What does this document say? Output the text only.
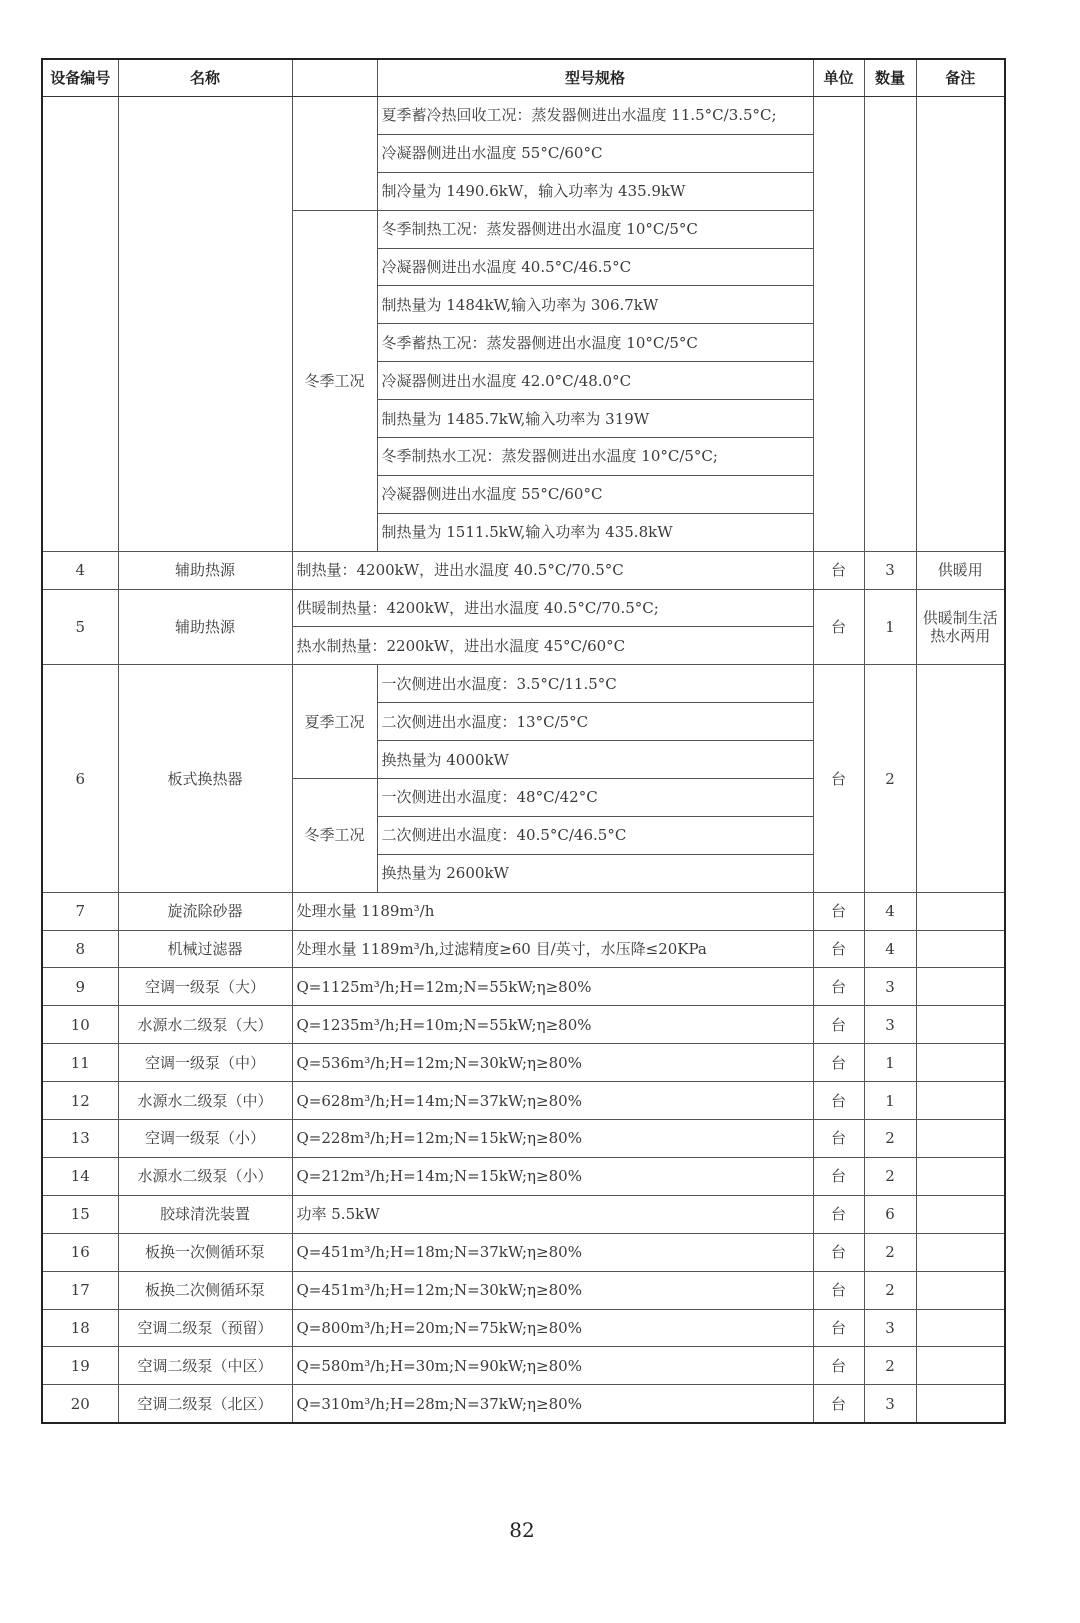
设备编号	名称		型号规格	单位	数量	备注
			夏季蓄冷热回收工况：蒸发器侧进出水温度 11.5°C/3.5°C;			
			冷凝器侧进出水温度 55°C/60°C			
			制冷量为 1490.6kW，输入功率为 435.9kW			
		冬季工况	冬季制热工况：蒸发器侧进出水温度 10°C/5°C			
			冷凝器侧进出水温度 40.5°C/46.5°C			
			制热量为 1484kW,输入功率为 306.7kW			
			冬季蓄热工况：蒸发器侧进出水温度 10°C/5°C			
			冷凝器侧进出水温度 42.0°C/48.0°C			
			制热量为 1485.7kW,输入功率为 319W			
			冬季制热水工况：蒸发器侧进出水温度 10°C/5°C;			
			冷凝器侧进出水温度 55°C/60°C			
			制热量为 1511.5kW,输入功率为 435.8kW			
4	辅助热源	制热量：4200kW，进出水温度 40.5°C/70.5°C		台	3	供暖用
5	辅助热源	供暖制热量：4200kW，进出水温度 40.5°C/70.5°C;		台	1	供暖制生活热水两用
		热水制热量：2200kW，进出水温度 45°C/60°C				
6	板式换热器	夏季工况	一次侧进出水温度：3.5°C/11.5°C	台	2	
			二次侧进出水温度：13°C/5°C			
			换热量为 4000kW			
		冬季工况	一次侧进出水温度：48°C/42°C			
			二次侧进出水温度：40.5°C/46.5°C			
			换热量为 2600kW			
7	旋流除砂器	处理水量 1189m³/h		台	4	
8	机械过滤器	处理水量 1189m³/h,过滤精度≥60 目/英寸，水压降≤20KPa		台	4	
9	空调一级泵（大）	Q=1125m³/h;H=12m;N=55kW;η≥80%		台	3	
10	水源水二级泵（大）	Q=1235m³/h;H=10m;N=55kW;η≥80%		台	3	
11	空调一级泵（中）	Q=536m³/h;H=12m;N=30kW;η≥80%		台	1	
12	水源水二级泵（中）	Q=628m³/h;H=14m;N=37kW;η≥80%		台	1	
13	空调一级泵（小）	Q=228m³/h;H=12m;N=15kW;η≥80%		台	2	
14	水源水二级泵（小）	Q=212m³/h;H=14m;N=15kW;η≥80%		台	2	
15	胶球清洗装置	功率 5.5kW		台	6	
16	板换一次侧循环泵	Q=451m³/h;H=18m;N=37kW;η≥80%		台	2	
17	板换二次侧循环泵	Q=451m³/h;H=12m;N=30kW;η≥80%		台	2	
18	空调二级泵（预留）	Q=800m³/h;H=20m;N=75kW;η≥80%		台	3	
19	空调二级泵（中区）	Q=580m³/h;H=30m;N=90kW;η≥80%		台	2	
20	空调二级泵（北区）	Q=310m³/h;H=28m;N=37kW;η≥80%		台	3	
82
